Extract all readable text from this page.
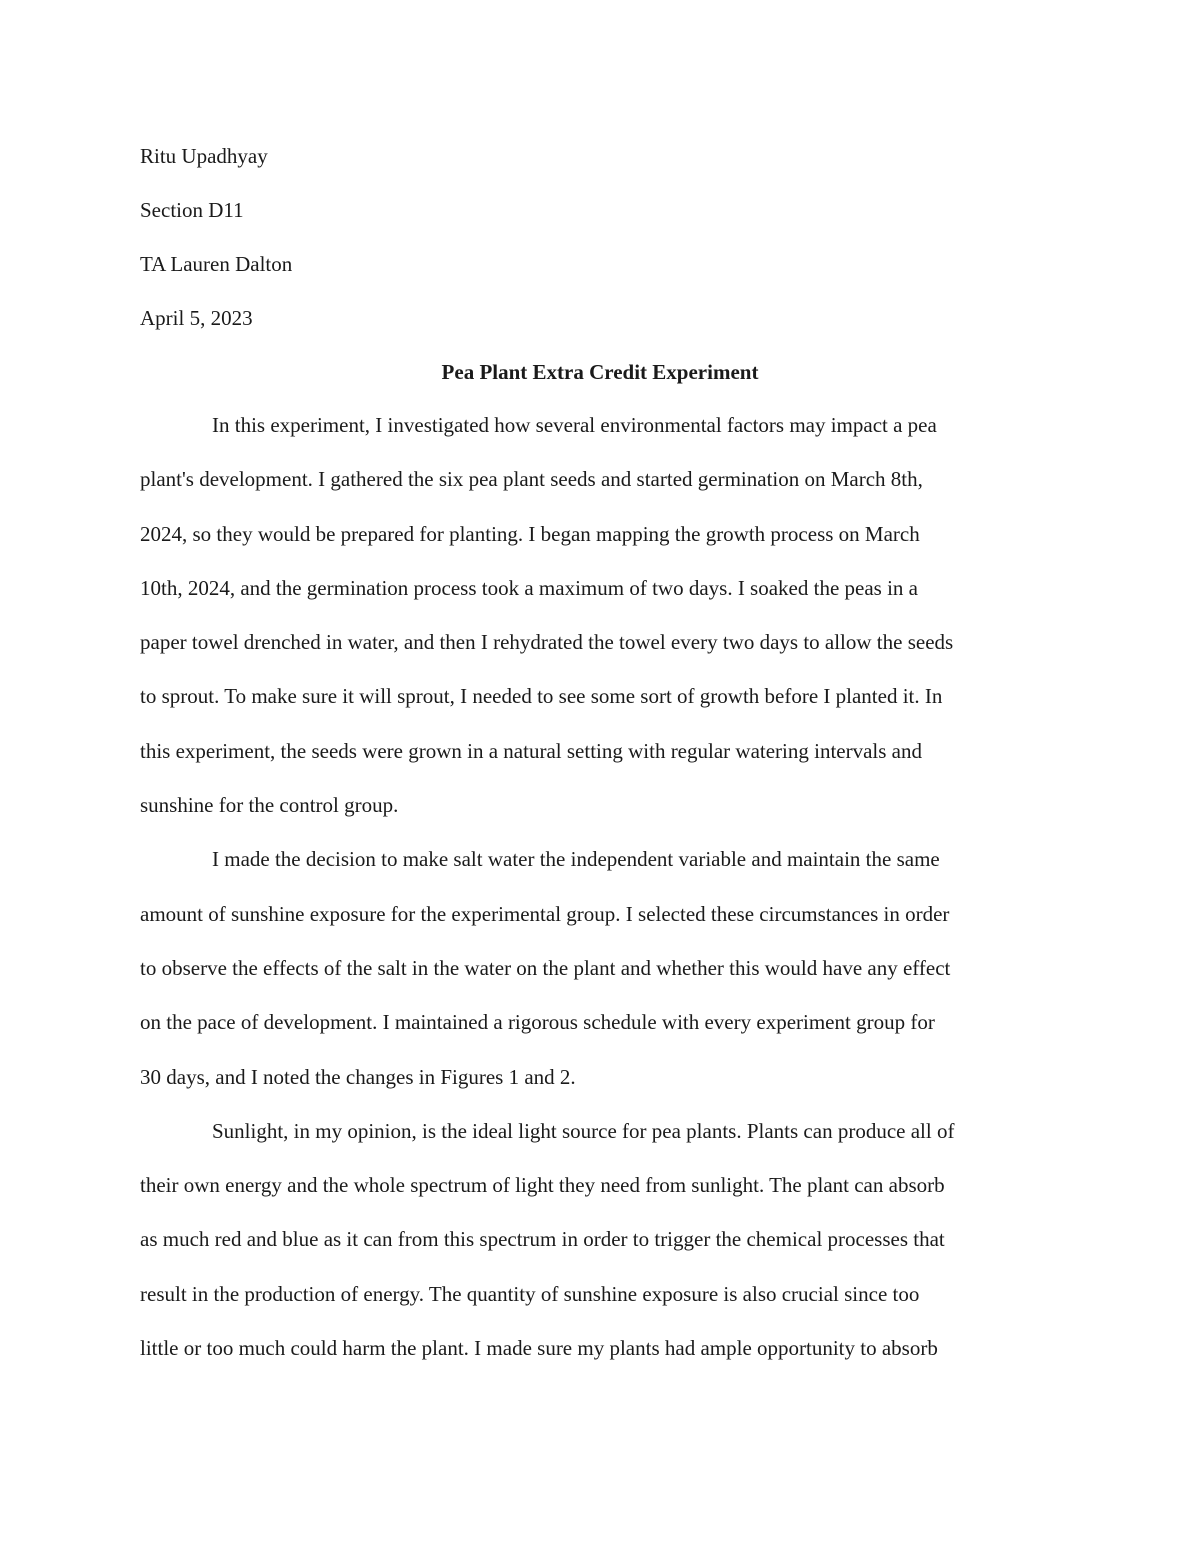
Ritu Upadhyay

Section D11

TA Lauren Dalton

April 5, 2023

Pea Plant Extra Credit Experiment
In this experiment, I investigated how several environmental factors may impact a pea
plant's development. I gathered the six pea plant seeds and started germination on March 8th,
2024, so they would be prepared for planting. I began mapping the growth process on March
10th, 2024, and the germination process took a maximum of two days. I soaked the peas in a
paper towel drenched in water, and then I rehydrated the towel every two days to allow the seeds
to sprout. To make sure it will sprout, I needed to see some sort of growth before I planted it. In
this experiment, the seeds were grown in a natural setting with regular watering intervals and
sunshine for the control group.
I made the decision to make salt water the independent variable and maintain the same
amount of sunshine exposure for the experimental group. I selected these circumstances in order
to observe the effects of the salt in the water on the plant and whether this would have any effect
on the pace of development. I maintained a rigorous schedule with every experiment group for
30 days, and I noted the changes in Figures 1 and 2.
Sunlight, in my opinion, is the ideal light source for pea plants. Plants can produce all of
their own energy and the whole spectrum of light they need from sunlight. The plant can absorb
as much red and blue as it can from this spectrum in order to trigger the chemical processes that
result in the production of energy. The quantity of sunshine exposure is also crucial since too
little or too much could harm the plant. I made sure my plants had ample opportunity to absorb
